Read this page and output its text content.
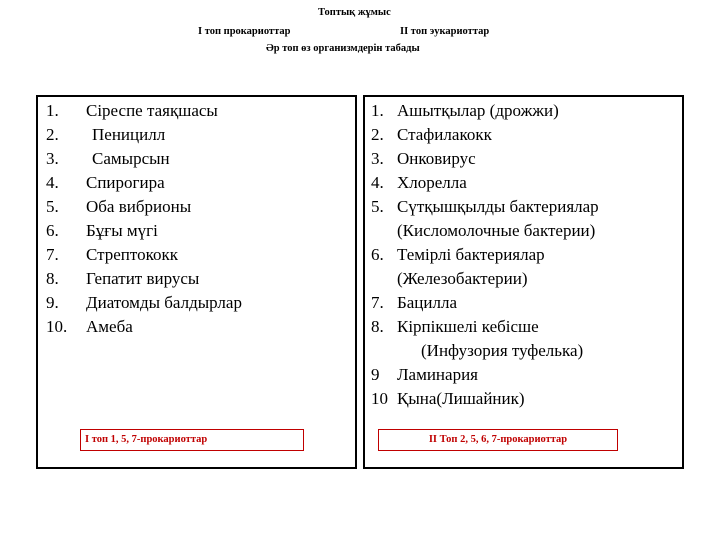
Топтық жұмыс
I топ прокариоттар	II топ эукариоттар
Әр топ өз организмдерін табады
1. Сіреспе таяқшасы
2. Пеницилл
3. Самырсын
4. Спирогира
5. Оба вибрионы
6. Бұғы мүгі
7. Стрептококк
8. Гепатит вирусы
9. Диатомды балдырлар
10. Амеба
I топ 1, 5, 7-прокариоттар
1. Ашытқылар (дрожжи)
2. Стафилакокк
3. Онковирус
4. Хлорелла
5. Сүтқышқылды бактериялар
(Кисломолочные бактерии)
6. Темірлі бактериялар
(Железобактерии)
7. Бацилла
8. Кірпікшелі кебісше
(Инфузория туфелька)
9 Ламинария
10 Қына(Лишайник)
II Топ 2, 5, 6, 7-прокариоттар
